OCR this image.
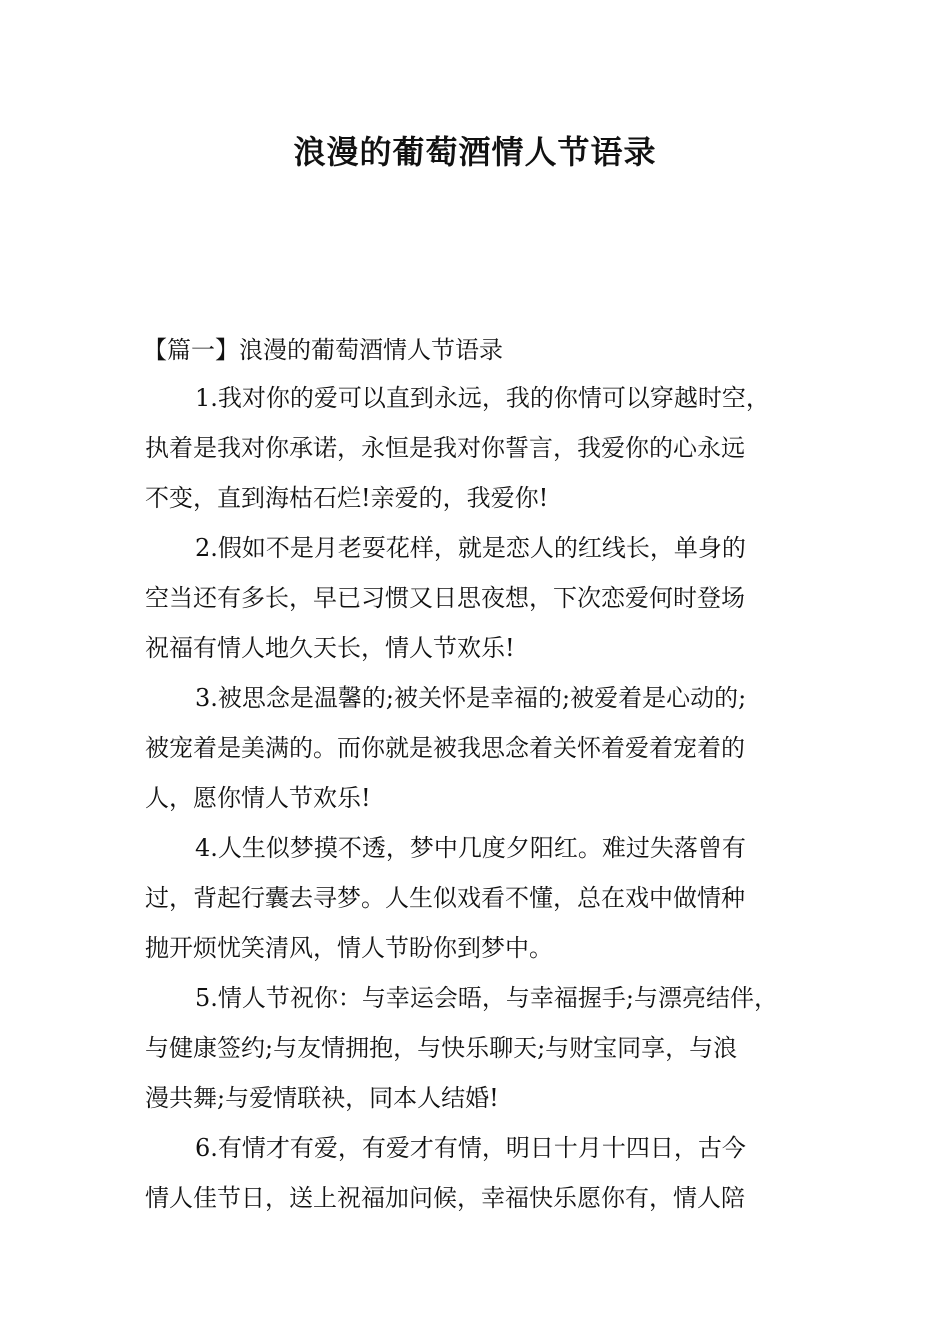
浪漫的葡萄酒情人节语录

【篇一】浪漫的葡萄酒情人节语录

1.我对你的爱可以直到永远，我的你情可以穿越时空，
执着是我对你承诺，永恒是我对你誓言，我爱你的心永远
不变，直到海枯石烂!亲爱的，我爱你!
2.假如不是月老耍花样，就是恋人的红线长，单身的
空当还有多长，早已习惯又日思夜想，下次恋爱何时登场
祝福有情人地久天长，情人节欢乐!
3.被思念是温馨的;被关怀是幸福的;被爱着是心动的;
被宠着是美满的。而你就是被我思念着关怀着爱着宠着的
人，愿你情人节欢乐!
4.人生似梦摸不透，梦中几度夕阳红。难过失落曾有
过，背起行囊去寻梦。人生似戏看不懂，总在戏中做情种
抛开烦忧笑清风，情人节盼你到梦中。
5.情人节祝你：与幸运会晤，与幸福握手;与漂亮结伴，
与健康签约;与友情拥抱，与快乐聊天;与财宝同享，与浪
漫共舞;与爱情联袂，同本人结婚!
6.有情才有爱，有爱才有情，明日十月十四日，古今
情人佳节日，送上祝福加问候，幸福快乐愿你有，情人陪
